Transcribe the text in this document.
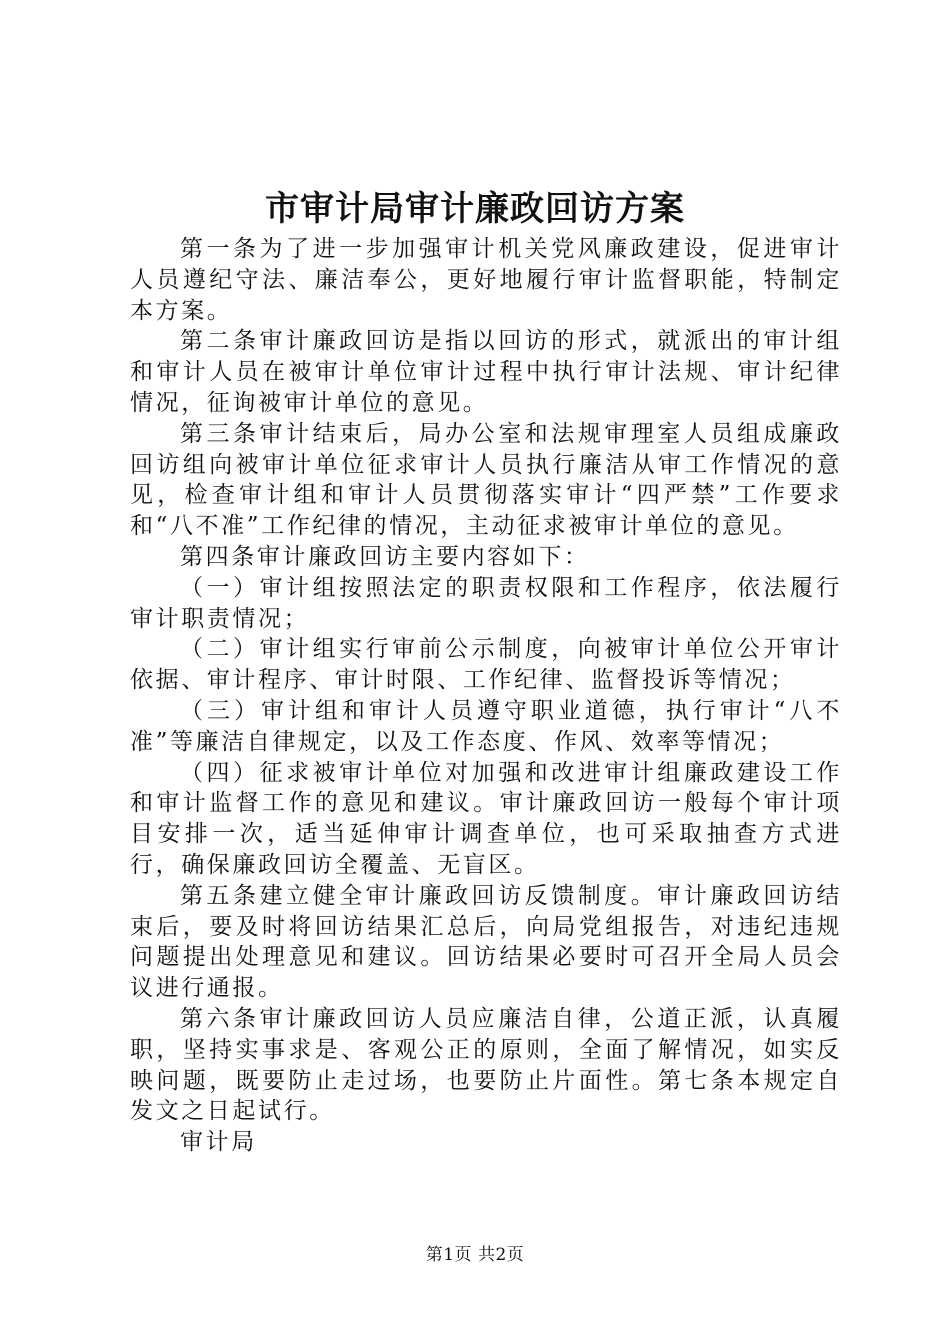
市审计局审计廉政回访方案

第一条为了进一步加强审计机关党风廉政建设，促进审计人员遵纪守法、廉洁奉公，更好地履行审计监督职能，特制定本方案。

第二条审计廉政回访是指以回访的形式，就派出的审计组和审计人员在被审计单位审计过程中执行审计法规、审计纪律情况，征询被审计单位的意见。

第三条审计结束后，局办公室和法规审理室人员组成廉政回访组向被审计单位征求审计人员执行廉洁从审工作情况的意见，检查审计组和审计人员贯彻落实审计“四严禁”工作要求和“八不准”工作纪律的情况，主动征求被审计单位的意见。

第四条审计廉政回访主要内容如下：

（一）审计组按照法定的职责权限和工作程序，依法履行审计职责情况；

（二）审计组实行审前公示制度，向被审计单位公开审计依据、审计程序、审计时限、工作纪律、监督投诉等情况；

（三）审计组和审计人员遵守职业道德，执行审计“八不准”等廉洁自律规定，以及工作态度、作风、效率等情况；

（四）征求被审计单位对加强和改进审计组廉政建设工作和审计监督工作的意见和建议。审计廉政回访一般每个审计项目安排一次，适当延伸审计调查单位，也可采取抽查方式进行，确保廉政回访全覆盖、无盲区。

第五条建立健全审计廉政回访反馈制度。审计廉政回访结束后，要及时将回访结果汇总后，向局党组报告，对违纪违规问题提出处理意见和建议。回访结果必要时可召开全局人员会议进行通报。

第六条审计廉政回访人员应廉洁自律，公道正派，认真履职，坚持实事求是、客观公正的原则，全面了解情况，如实反映问题，既要防止走过场，也要防止片面性。第七条本规定自发文之日起试行。

审计局

第1页 共2页
